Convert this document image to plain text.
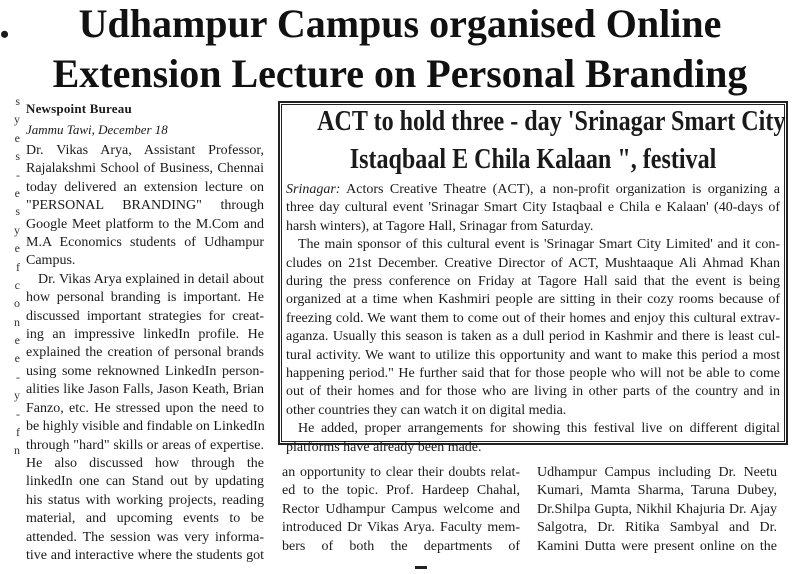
•	Udhampur Campus organised Online
Extension Lecture on Personal Branding
s
y
e
s
-
e
s
y
e
f
c
o
n
e
e
-
y
-
f
n
Newspoint Bureau
Jammu Tawi, December 18
Dr. Vikas Arya, Assistant Professor,
Rajalakshmi School of Business, Chennai
today delivered an extension lecture on
"PERSONAL BRANDING" through
Google Meet platform to the M.Com and
M.A Economics students of Udhampur
Campus.
Dr. Vikas Arya explained in detail about
how personal branding is important. He
discussed important strategies for creat-
ing an impressive linkedIn profile. He
explained the creation of personal brands
using some reknowned LinkedIn person-
alities like Jason Falls, Jason Keath, Brian
Fanzo, etc. He stressed upon the need to
be highly visible and findable on LinkedIn
through "hard" skills or areas of expertise.
He also discussed how through the
linkedIn one can Stand out by updating
his status with working projects, reading
material, and upcoming events to be
attended. The session was very informa-
tive and interactive where the students got
an opportunity to clear their doubts relat-
ed to the topic. Prof. Hardeep Chahal,
Rector Udhampur Campus welcome and
introduced Dr Vikas Arya. Faculty mem-
bers of both the departments of
Udhampur Campus including Dr. Neetu
Kumari, Mamta Sharma, Taruna Dubey,
Dr.Shilpa Gupta, Nikhil Khajuria Dr. Ajay
Salgotra, Dr. Ritika Sambyal and Dr.
Kamini Dutta were present online on the
ACT to hold three - day 'Srinagar Smart City
Istaqbaal E Chila Kalaan ", festival
Srinagar: Actors Creative Theatre (ACT), a non-profit organization is organizing a
three day cultural event 'Srinagar Smart City Istaqbaal e Chila e Kalaan' (40-days of
harsh winters), at Tagore Hall, Srinagar from Saturday.
The main sponsor of this cultural event is 'Srinagar Smart City Limited' and it con-
cludes on 21st December. Creative Director of ACT, Mushtaaque Ali Ahmad Khan
during the press conference on Friday at Tagore Hall said that the event is being
organized at a time when Kashmiri people are sitting in their cozy rooms because of
freezing cold. We want them to come out of their homes and enjoy this cultural extrav-
aganza. Usually this season is taken as a dull period in Kashmir and there is least cul-
tural activity. We want to utilize this opportunity and want to make this period a most
happening period." He further said that for those people who will not be able to come
out of their homes and for those who are living in other parts of the country and in
other countries they can watch it on digital media.
He added, proper arrangements for showing this festival live on different digital
platforms have already been made.
